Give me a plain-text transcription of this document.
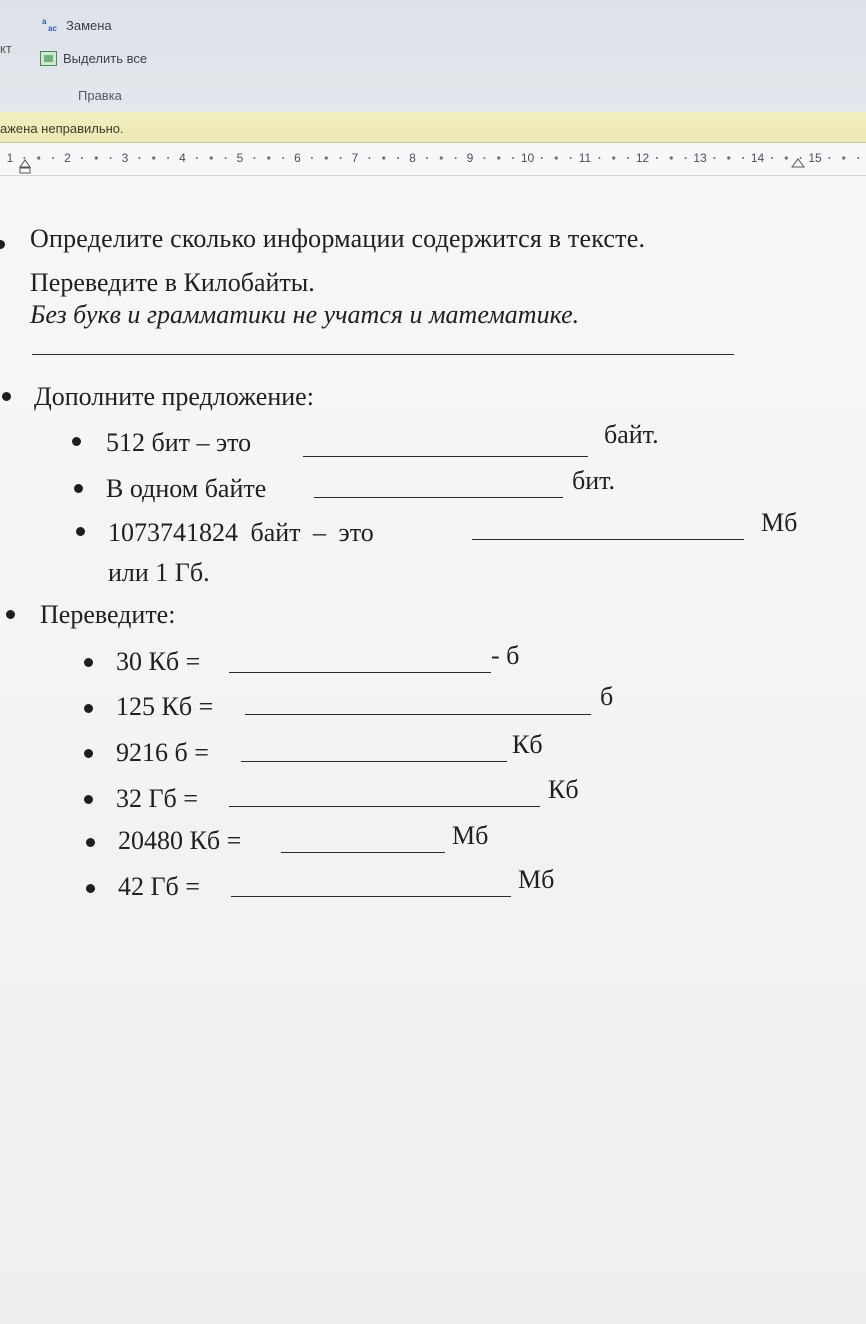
кт
a
ac Замена
Выделить все
Правка
ажена неправильно.
1	2	3	4	5	6	7	8	9	10	11	12	13	14	15
Определите сколько информации содержится в тексте.
Переведите в Килобайты.
Без букв и грамматики не учатся и математике.
Дополните предложение:
512 бит – это	байт.
В одном байте	бит.
1073741824 байт – это	Мб
или 1 Гб.
Переведите:
30 Кб =	- б
125 Кб =	б
9216 б =	Кб
32 Гб =	Кб
20480 Кб =	Мб
42 Гб =	Мб
